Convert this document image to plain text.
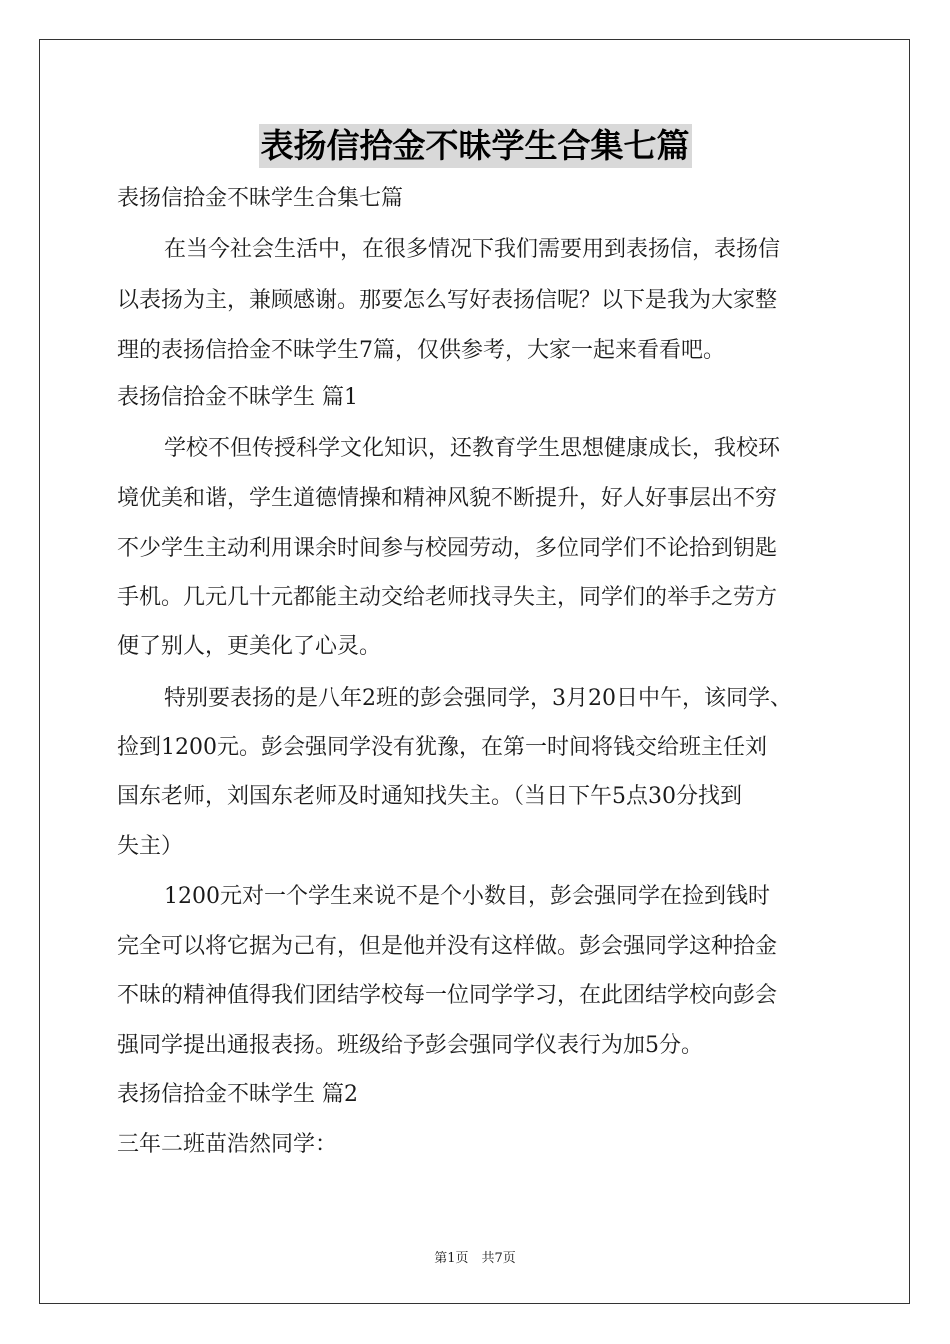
表扬信拾金不昧学生合集七篇
表扬信拾金不昧学生合集七篇
在当今社会生活中，在很多情况下我们需要用到表扬信，表扬信
以表扬为主，兼顾感谢。那要怎么写好表扬信呢？以下是我为大家整
理的表扬信拾金不昧学生7篇，仅供参考，大家一起来看看吧。
表扬信拾金不昧学生 篇1
学校不但传授科学文化知识，还教育学生思想健康成长，我校环
境优美和谐，学生道德情操和精神风貌不断提升，好人好事层出不穷
不少学生主动利用课余时间参与校园劳动，多位同学们不论拾到钥匙
手机。几元几十元都能主动交给老师找寻失主，同学们的举手之劳方
便了别人，更美化了心灵。
特别要表扬的是八年2班的彭会强同学，3月20日中午，该同学、
捡到1200元。彭会强同学没有犹豫，在第一时间将钱交给班主任刘
国东老师，刘国东老师及时通知找失主。（当日下午5点30分找到
失主）
1200元对一个学生来说不是个小数目，彭会强同学在捡到钱时
完全可以将它据为己有，但是他并没有这样做。彭会强同学这种拾金
不昧的精神值得我们团结学校每一位同学学习，在此团结学校向彭会
强同学提出通报表扬。班级给予彭会强同学仪表行为加5分。
表扬信拾金不昧学生 篇2
三年二班苗浩然同学：
第1页　共7页
